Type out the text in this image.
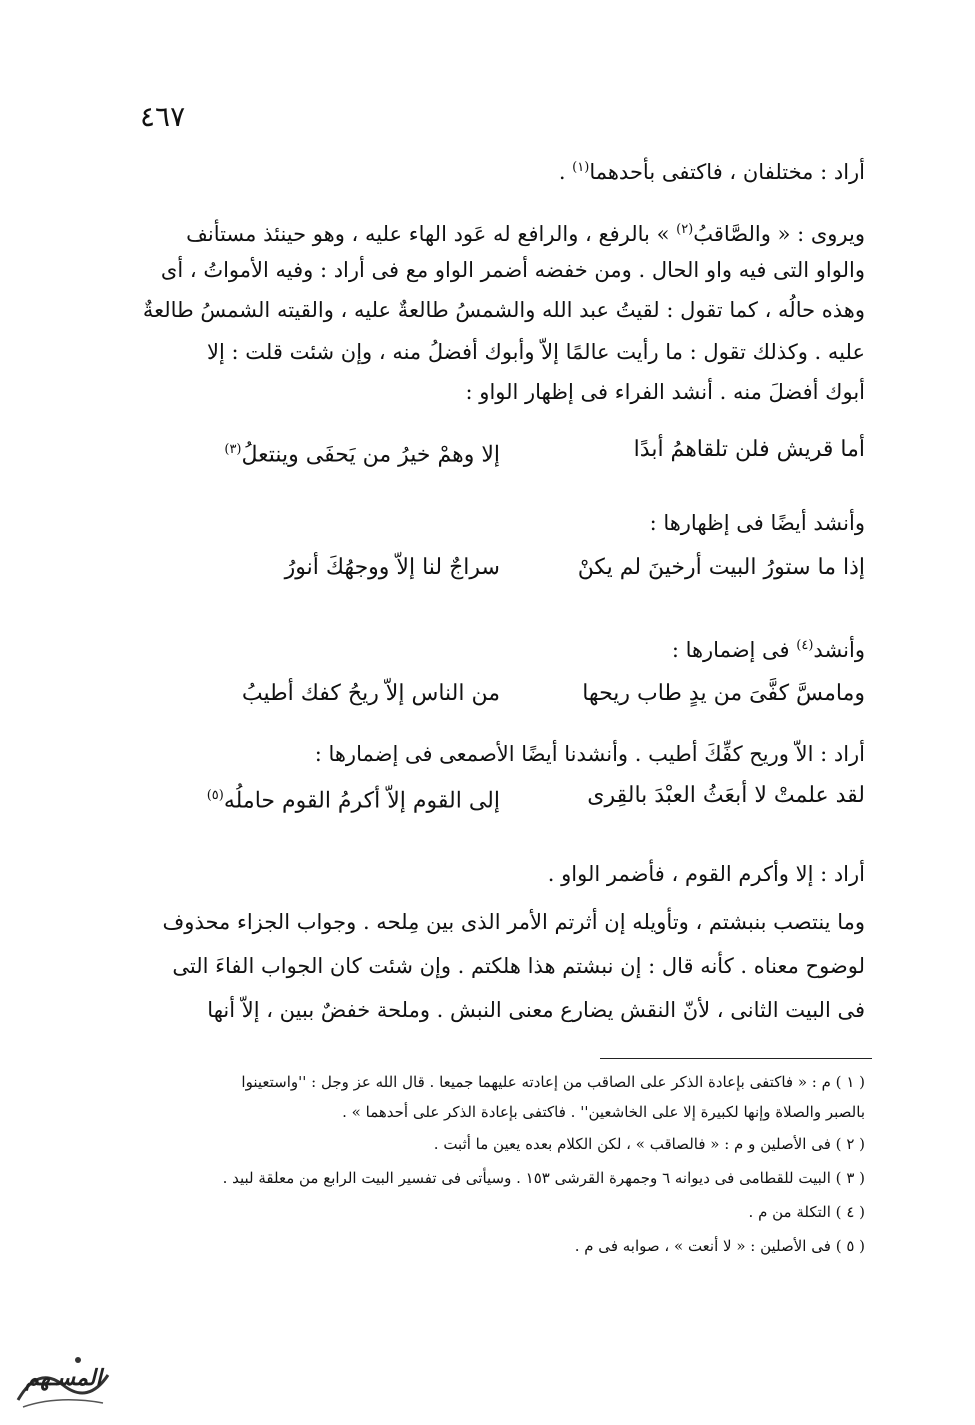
٤٦٧
أراد : مختلفان ، فاكتفى بأحدهما$^{(١)}$ .
ويروى : « والصَّاقبُ$^{(٢)}$ » بالرفع ، والرافع له عَود الهاء عليه ، وهو حينئذ مستأنف
والواو التى فيه واو الحال . ومن خفضه أضمر الواو مع فى أراد : وفيه الأمواتُ ، أى
وهذه حالُه ، كما تقول : لقيتُ عبد الله والشمسُ طالعةٌ عليه ، والقيته الشمسُ طالعةٌ
عليه . وكذلك تقول : ما رأيت عالمًا إلاّ وأبوك أفضلُ منه ، وإن شئت قلت : إلا
أبوك أفضلَ منه . أنشد الفراء فى إظهار الواو :
أما قريش فلن تلقاهمُ أبدًا
إلا وهمْ خيرُ من يَحفَى وينتعلُ$^{(٣)}$
وأنشد أيضًا فى إظهارها :
إذا ما ستورُ البيت أرخينَ لم يكنْ
سراجٌ لنا إلاّ ووجهُكَ أنورُ
وأنشد$^{(٤)}$ فى إضمارها :
ومامسَّ كفَّىَ من يدٍ طاب ريحها
من الناس إلاّ ريحُ كفك أطيبُ
أراد : الاّ وريح كفِّكَ أطيب . وأنشدنا أيضًا الأصمعى فى إضمارها :
لقد علمتْ لا أبعَثُ العبْدَ بالقِرى
إلى القوم إلاّ أكرمُ القوم حاملُه$^{(٥)}$
أراد : إلا وأكرم القوم ، فأضمر الواو .
وما ينتصب بنبشتم ، وتأويله إن أثرتم الأمر الذى بين مِلحه . وجواب الجزاء محذوف
لوضوح معناه . كأنه قال : إن نبشتم هذا هلكتم . وإن شئت كان الجواب الفاءَ التى
فى البيت الثانى ، لأنّ النقش يضارع معنى النبش . وملحة خفضٌ ببين ، إلاّ أنها
( ١ ) م : « فاكتفى بإعادة الذكر على الصاقب من إعادته عليهما جميعا . قال الله عز وجل : ''واستعينوا
بالصبر والصلاة وإنها لكبيرة إلا على الخاشعين'' . فاكتفى بإعادة الذكر على أحدهما » .
( ٢ ) فى الأصلين و م : « فالصاقب » ، لكن الكلام بعده يعين ما أثبت .
( ٣ ) البيت للقطامى فى ديوانه ٦ وجمهرة القرشى ١٥٣ . وسيأتى فى تفسير البيت الرابع من معلقة لبيد .
( ٤ ) التكلة من م .
( ٥ ) فى الأصلين : « لا أنعت » ، صوابه فى م .
المسـهم
